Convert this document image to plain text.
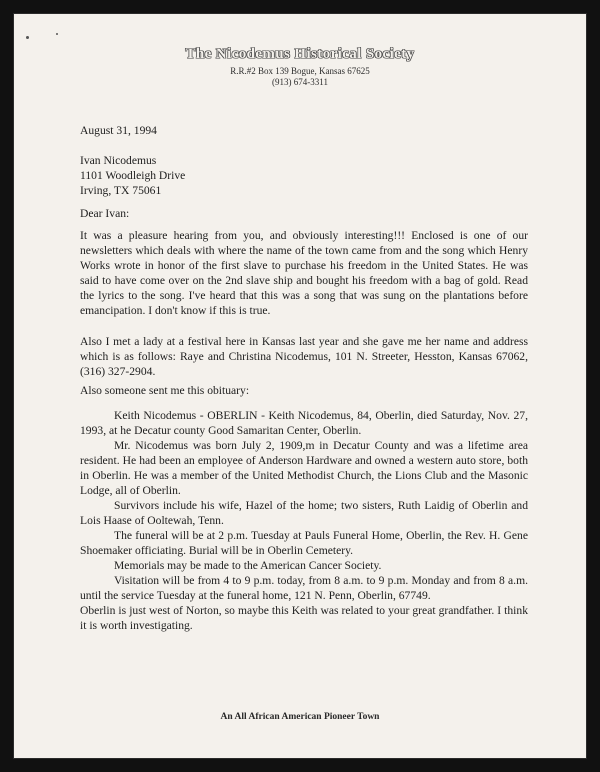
The Nicodemus Historical Society
R.R.#2 Box 139 Bogue, Kansas 67625
(913) 674-3311

August 31, 1994

Ivan Nicodemus
1101 Woodleigh Drive
Irving, TX 75061

Dear Ivan:

It was a pleasure hearing from you, and obviously interesting!!! Enclosed is one of our newsletters which deals with where the name of the town came from and the song which Henry Works wrote in honor of the first slave to purchase his freedom in the United States. He was said to have come over on the 2nd slave ship and bought his freedom with a bag of gold. Read the lyrics to the song. I've heard that this was a song that was sung on the plantations before emancipation. I don't know if this is true.

Also I met a lady at a festival here in Kansas last year and she gave me her name and address which is as follows: Raye and Christina Nicodemus, 101 N. Streeter, Hesston, Kansas 67062, (316) 327-2904.

Also someone sent me this obituary:

Keith Nicodemus - OBERLIN - Keith Nicodemus, 84, Oberlin, died Saturday, Nov. 27, 1993, at he Decatur county Good Samaritan Center, Oberlin.
Mr. Nicodemus was born July 2, 1909,m in Decatur County and was a lifetime area resident. He had been an employee of Anderson Hardware and owned a western auto store, both in Oberlin. He was a member of the United Methodist Church, the Lions Club and the Masonic Lodge, all of Oberlin.
Survivors include his wife, Hazel of the home; two sisters, Ruth Laidig of Oberlin and Lois Haase of Ooltewah, Tenn.
The funeral will be at 2 p.m. Tuesday at Pauls Funeral Home, Oberlin, the Rev. H. Gene Shoemaker officiating. Burial will be in Oberlin Cemetery.
Memorials may be made to the American Cancer Society.
Visitation will be from 4 to 9 p.m. today, from 8 a.m. to 9 p.m. Monday and from 8 a.m. until the service Tuesday at the funeral home, 121 N. Penn, Oberlin, 67749.

Oberlin is just west of Norton, so maybe this Keith was related to your great grandfather. I think it is worth investigating.

An All African American Pioneer Town
